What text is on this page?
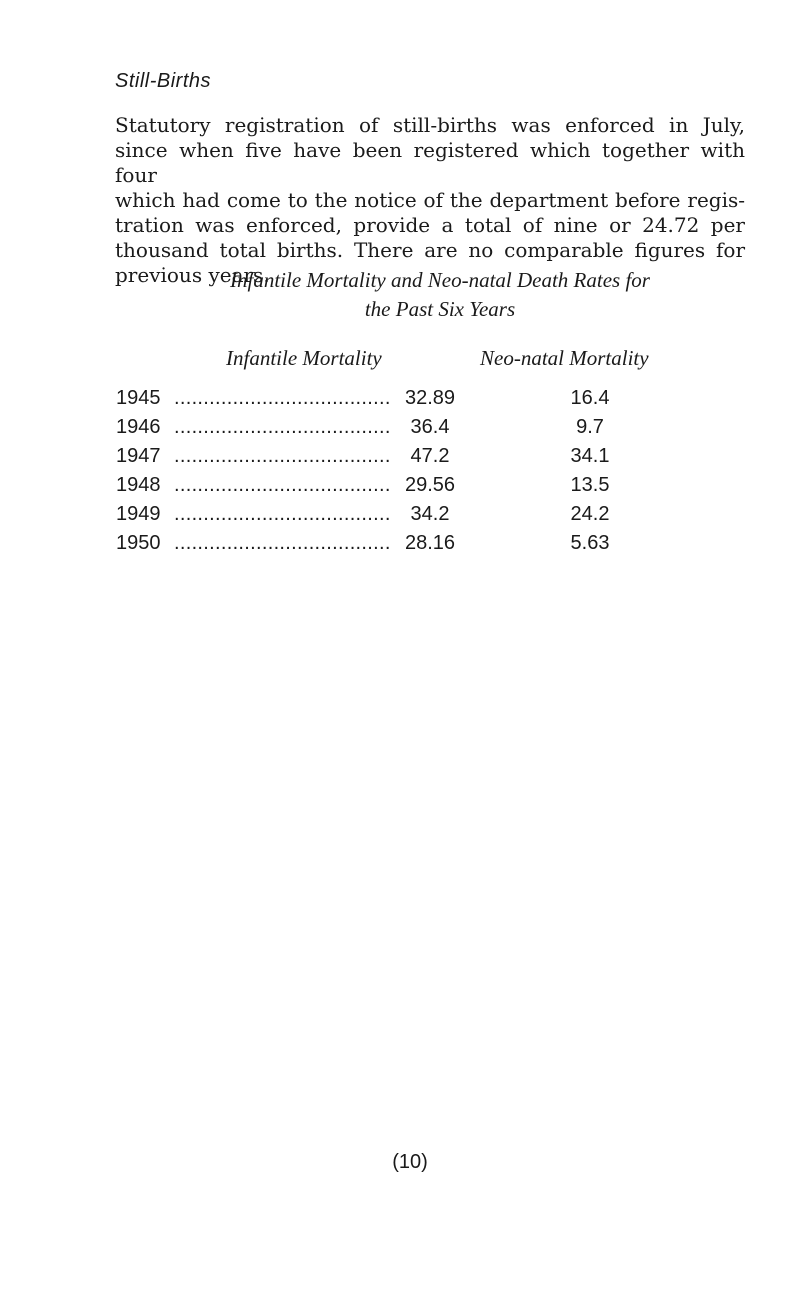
Still-Births
Statutory registration of still-births was enforced in July,
since when five have been registered which together with four
which had come to the notice of the department before regis-
tration was enforced, provide a total of nine or 24.72 per
thousand total births. There are no comparable figures for
previous years.
Infantile Mortality and Neo-natal Death Rates for
the Past Six Years
Infantile Mortality	Neo-natal Mortality
1945 ..................................... 32.89	16.4
1946 ..................................... 36.4	9.7
1947 ..................................... 47.2	34.1
1948 ..................................... 29.56	13.5
1949 ..................................... 34.2	24.2
1950 ..................................... 28.16	5.63
(10)
